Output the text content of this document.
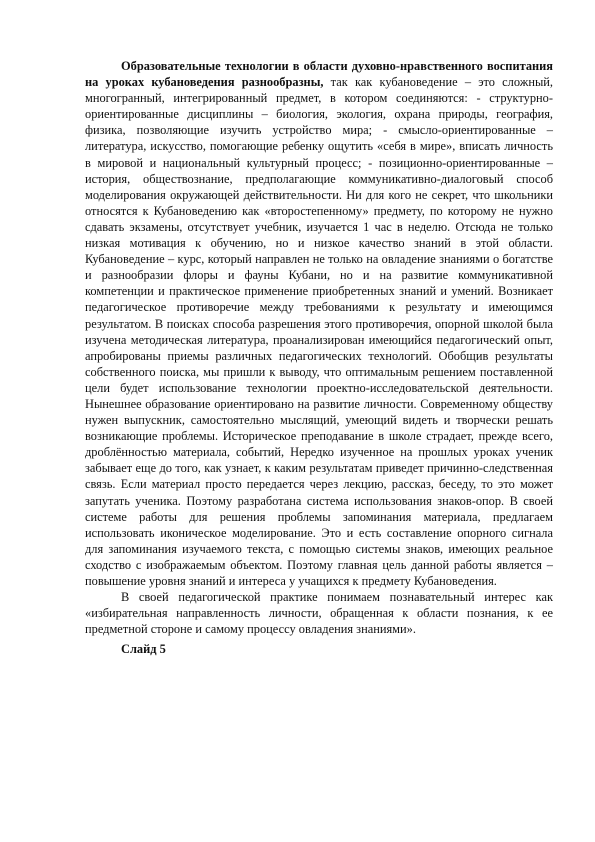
Образовательные технологии в области духовно-нравственного воспитания на уроках кубановедения разнообразны, так как кубановедение – это сложный, многогранный, интегрированный предмет, в котором соединяются: - структурно-ориентированные дисциплины – биология, экология, охрана природы, география, физика, позволяющие изучить устройство мира; - смысло-ориентированные – литература, искусство, помогающие ребенку ощутить «себя в мире», вписать личность в мировой и национальный культурный процесс; - позиционно-ориентированные – история, обществознание, предполагающие коммуникативно-диалоговый способ моделирования окружающей действительности. Ни для кого не секрет, что школьники относятся к Кубановедению как «второстепенному» предмету, по которому не нужно сдавать экзамены, отсутствует учебник, изучается 1 час в неделю. Отсюда не только низкая мотивация к обучению, но и низкое качество знаний в этой области. Кубановедение – курс, который направлен не только на овладение знаниями о богатстве и разнообразии флоры и фауны Кубани, но и на развитие коммуникативной компетенции и практическое применение приобретенных знаний и умений. Возникает педагогическое противоречие между требованиями к результату и имеющимся результатом. В поисках способа разрешения этого противоречия, опорной школой была изучена методическая литература, проанализирован имеющийся педагогический опыт, апробированы приемы различных педагогических технологий. Обобщив результаты собственного поиска, мы пришли к выводу, что оптимальным решением поставленной цели будет использование технологии проектно-исследовательской деятельности. Нынешнее образование ориентировано на развитие личности. Современному обществу нужен выпускник, самостоятельно мыслящий, умеющий видеть и творчески решать возникающие проблемы. Историческое преподавание в школе страдает, прежде всего, дроблённостью материала, событий, Нередко изученное на прошлых уроках ученик забывает еще до того, как узнает, к каким результатам приведет причинно-следственная связь. Если материал просто передается через лекцию, рассказ, беседу, то это может запутать ученика. Поэтому разработана система использования знаков-опор. В своей системе работы для решения проблемы запоминания материала, предлагаем использовать иконическое моделирование. Это и есть составление опорного сигнала для запоминания изучаемого текста, с помощью системы знаков, имеющих реальное сходство с изображаемым объектом. Поэтому главная цель данной работы является – повышение уровня знаний и интереса у учащихся к предмету Кубановедения.

В своей педагогической практике понимаем познавательный интерес как «избирательная направленность личности, обращенная к области познания, к ее предметной стороне и самому процессу овладения знаниями».

Слайд 5
